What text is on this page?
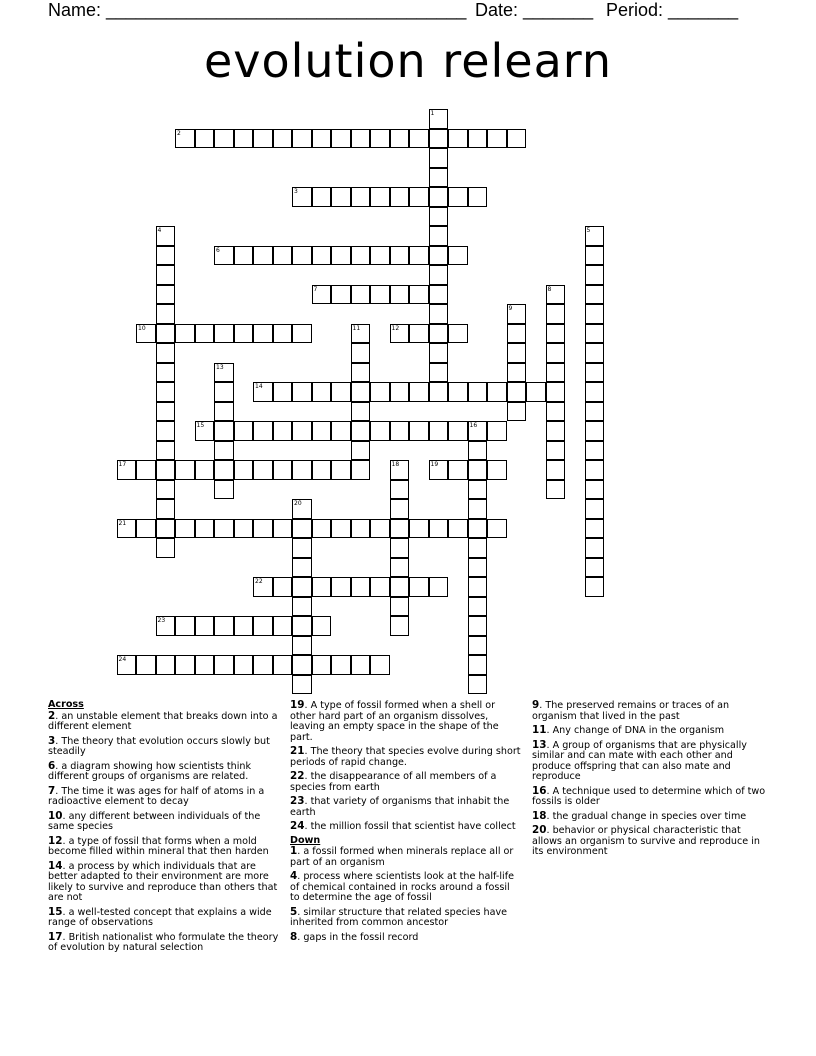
Name: ____________________________________ Date: _______ Period: _______
evolution relearn
1
2
3
4	5
6
7	8
9
10	11	12
13
14
15	16
17	18	19
20
21
22
23
24
Across
2. an unstable element that breaks down into a different element
3. The theory that evolution occurs slowly but steadily
6. a diagram showing how scientists think different groups of organisms are related.
7. The time it was ages for half of atoms in a radioactive element to decay
10. any different between individuals of the same species
12. a type of fossil that forms when a mold become filled within mineral that then harden
14. a process by which individuals that are better adapted to their environment are more likely to survive and reproduce than others that are not
15. a well-tested concept that explains a wide range of observations
17. British nationalist who formulate the theory of evolution by natural selection
19. A type of fossil formed when a shell or other hard part of an organism dissolves, leaving an empty space in the shape of the part.
21. The theory that species evolve during short periods of rapid change.
22. the disappearance of all members of a species from earth
23. that variety of organisms that inhabit the earth
24. the million fossil that scientist have collect
Down
1. a fossil formed when minerals replace all or part of an organism
4. process where scientists look at the half-life of chemical contained in rocks around a fossil to determine the age of fossil
5. similar structure that related species have inherited from common ancestor
8. gaps in the fossil record
9. The preserved remains or traces of an organism that lived in the past
11. Any change of DNA in the organism
13. A group of organisms that are physically similar and can mate with each other and produce offspring that can also mate and reproduce
16. A technique used to determine which of two fossils is older
18. the gradual change in species over time
20. behavior or physical characteristic that allows an organism to survive and reproduce in its environment
